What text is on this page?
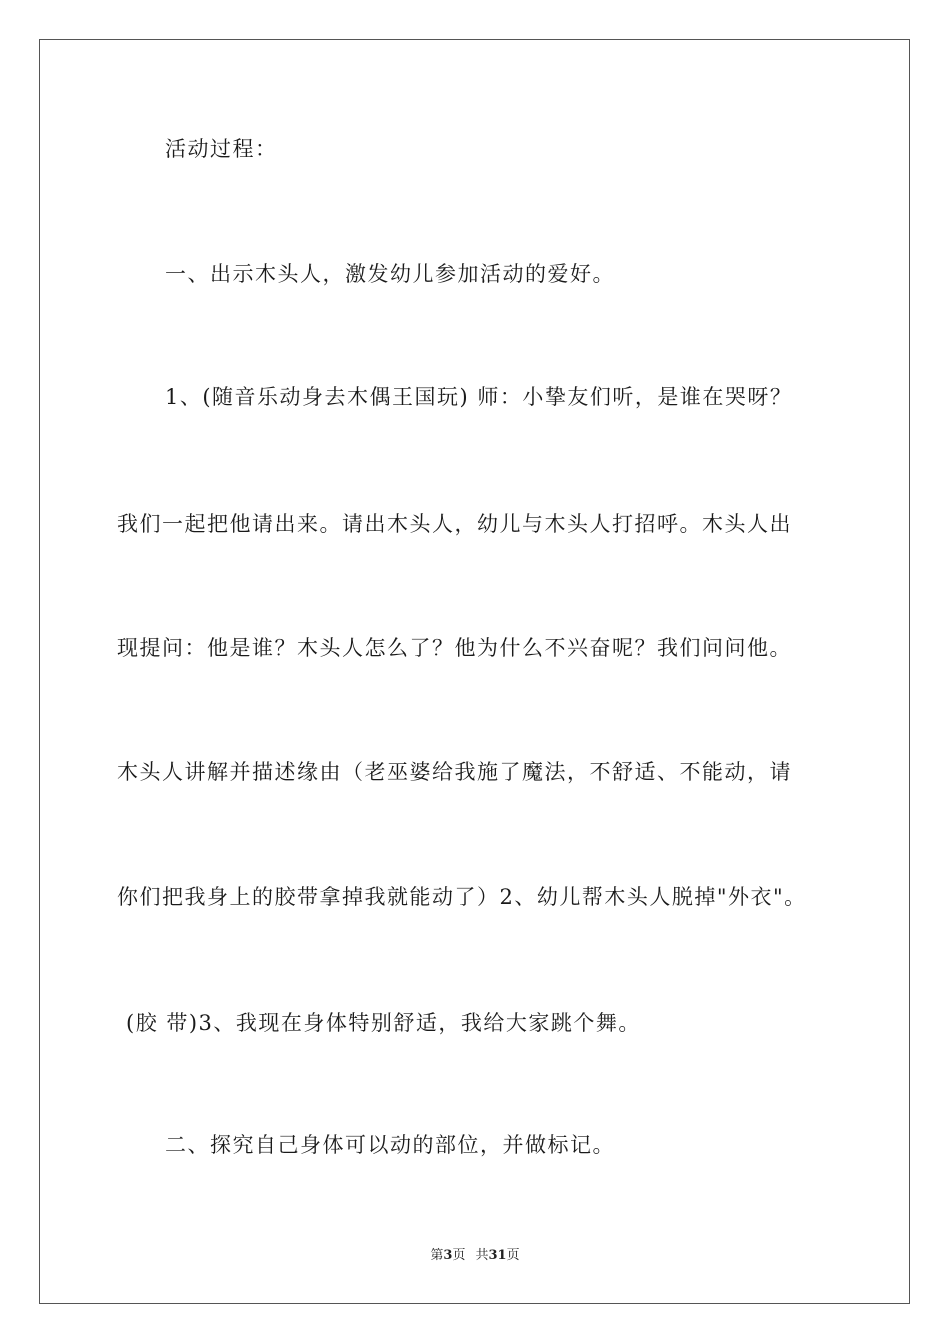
活动过程：
一、出示木头人，激发幼儿参加活动的爱好。
1、(随音乐动身去木偶王国玩) 师：小挚友们听，是谁在哭呀？
我们一起把他请出来。请出木头人，幼儿与木头人打招呼。木头人出
现提问：他是谁？木头人怎么了？他为什么不兴奋呢？我们问问他。
木头人讲解并描述缘由（老巫婆给我施了魔法，不舒适、不能动，请
你们把我身上的胶带拿掉我就能动了）2、幼儿帮木头人脱掉"外衣"。
(胶 带)3、我现在身体特别舒适，我给大家跳个舞。
二、探究自己身体可以动的部位，并做标记。
第3页 共31页
